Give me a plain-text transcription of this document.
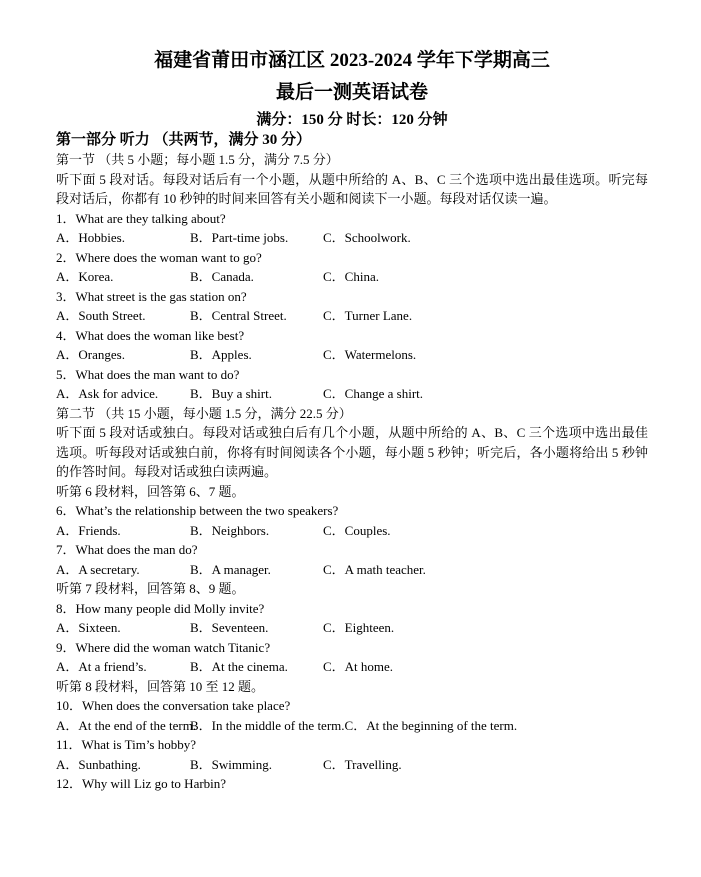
福建省莆田市涵江区 2023-2024 学年下学期高三
最后一测英语试卷
满分：150 分 时长：120 分钟
第一部分 听力 （共两节，满分 30 分）
第一节 （共 5 小题；每小题 1.5 分，满分 7.5 分）

听下面 5 段对话。每段对话后有一个小题，从题中所给的 A、B、C 三个选项中选出最佳选项。听完每段对话后，你都有 10 秒钟的时间来回答有关小题和阅读下一小题。每段对话仅读一遍。

1．What are they talking about?
A．Hobbies.	B．Part-time jobs.	C．Schoolwork.
2．Where does the woman want to go?
A．Korea.	B．Canada.	C．China.
3．What street is the gas station on?
A．South Street.	B．Central Street.	C．Turner Lane.
4．What does the woman like best?
A．Oranges.	B．Apples.	C．Watermelons.
5．What does the man want to do?
A．Ask for advice. B．Buy a shirt.	C．Change a shirt.
第二节 （共 15 小题，每小题 1.5 分，满分 22.5 分）

听下面 5 段对话或独白。每段对话或独白后有几个小题，从题中所给的 A、B、C 三个选项中选出最佳选项。听每段对话或独白前，你将有时间阅读各个小题，每小题 5 秒钟；听完后，各小题将给出 5 秒钟的作答时间。每段对话或独白读两遍。

听第 6 段材料，回答第 6、7 题。
6．What’s the relationship between the two speakers?
A．Friends.	B．Neighbors.	C．Couples.
7．What does the man do?
A．A secretary.	B．A manager.	C．A math teacher.
听第 7 段材料，回答第 8、9 题。
8．How many people did Molly invite?
A．Sixteen.	B．Seventeen.	C．Eighteen.
9．Where did the woman watch Titanic?
A．At a friend’s.	B．At the cinema.	C．At home.
听第 8 段材料，回答第 10 至 12 题。
10．When does the conversation take place?
A．At the end of the term.B．In the middle of the term.C．At the beginning of the term.
11．What is Tim’s hobby?
A．Sunbathing.	B．Swimming.	C．Travelling.
12．Why will Liz go to Harbin?
